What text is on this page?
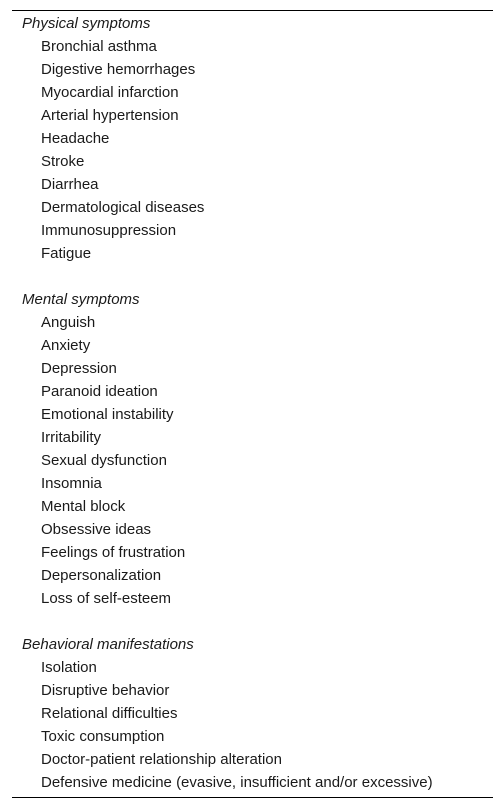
Physical symptoms
Bronchial asthma
Digestive hemorrhages
Myocardial infarction
Arterial hypertension
Headache
Stroke
Diarrhea
Dermatological diseases
Immunosuppression
Fatigue
Mental symptoms
Anguish
Anxiety
Depression
Paranoid ideation
Emotional instability
Irritability
Sexual dysfunction
Insomnia
Mental block
Obsessive ideas
Feelings of frustration
Depersonalization
Loss of self-esteem
Behavioral manifestations
Isolation
Disruptive behavior
Relational difficulties
Toxic consumption
Doctor-patient relationship alteration
Defensive medicine (evasive, insufficient and/or excessive)
